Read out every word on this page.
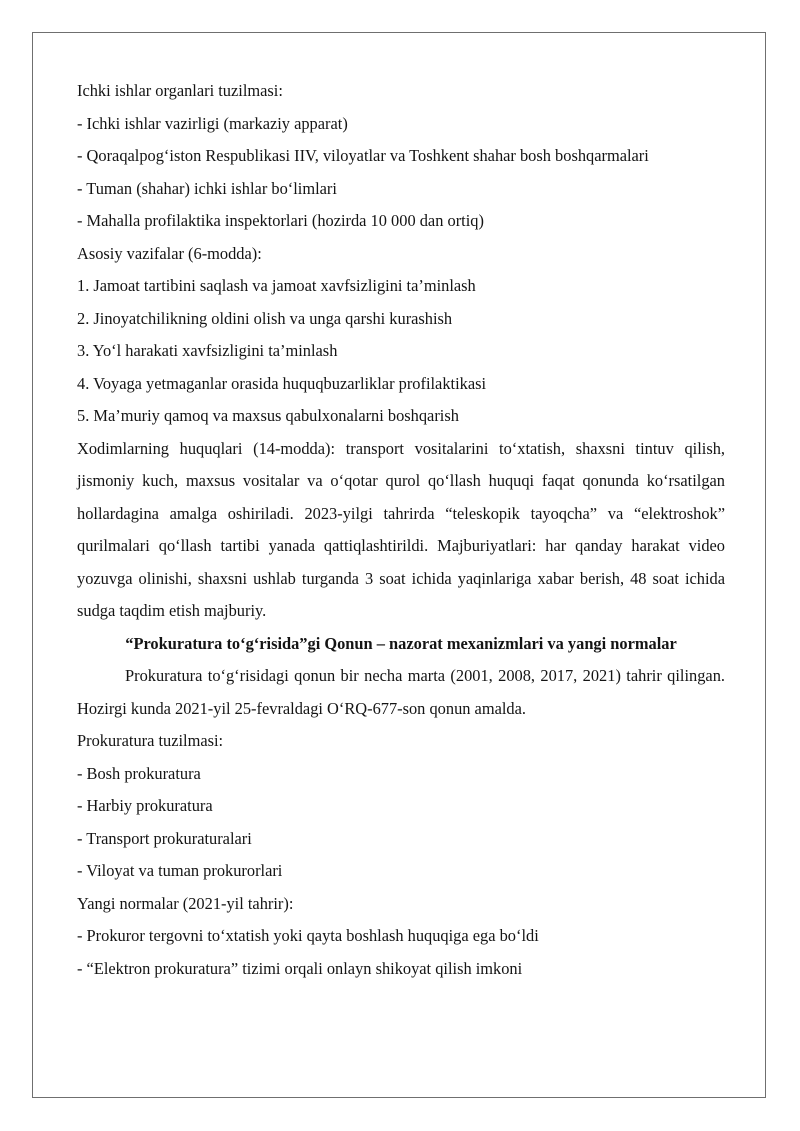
Ichki ishlar organlari tuzilmasi:

- Ichki ishlar vazirligi (markaziy apparat)

- Qoraqalpog‘iston Respublikasi IIV, viloyatlar va Toshkent shahar bosh boshqarmalari

- Tuman (shahar) ichki ishlar bo‘limlari

- Mahalla profilaktika inspektorlari (hozirda 10 000 dan ortiq)

Asosiy vazifalar (6-modda):

1. Jamoat tartibini saqlash va jamoat xavfsizligini ta’minlash

2. Jinoyatchilikning oldini olish va unga qarshi kurashish

3. Yo‘l harakati xavfsizligini ta’minlash

4. Voyaga yetmaganlar orasida huquqbuzarliklar profilaktikasi

5. Ma’muriy qamoq va maxsus qabulxonalarni boshqarish

Xodimlarning huquqlari (14-modda): transport vositalarini to‘xtatish, shaxsni tintuv qilish, jismoniy kuch, maxsus vositalar va o‘qotar qurol qo‘llash huquqi faqat qonunda ko‘rsatilgan hollardagina amalga oshiriladi. 2023-yilgi tahrirda “teleskopik tayoqcha” va “elektroshok” qurilmalari qo‘llash tartibi yanada qattiqlashtirildi. Majburiyatlari: har qanday harakat video yozuvga olinishi, shaxsni ushlab turganda 3 soat ichida yaqinlariga xabar berish, 48 soat ichida sudga taqdim etish majburiy.

“Prokuratura to‘g‘risida”gi Qonun – nazorat mexanizmlari va yangi normalar

Prokuratura to‘g‘risidagi qonun bir necha marta (2001, 2008, 2017, 2021) tahrir qilingan. Hozirgi kunda 2021-yil 25-fevraldagi O‘RQ-677-son qonun amalda.

Prokuratura tuzilmasi:

- Bosh prokuratura

- Harbiy prokuratura

- Transport prokuraturalari

- Viloyat va tuman prokurorlari

Yangi normalar (2021-yil tahrir):

- Prokuror tergovni to‘xtatish yoki qayta boshlash huquqiga ega bo‘ldi

- “Elektron prokuratura” tizimi orqali onlayn shikoyat qilish imkoni
